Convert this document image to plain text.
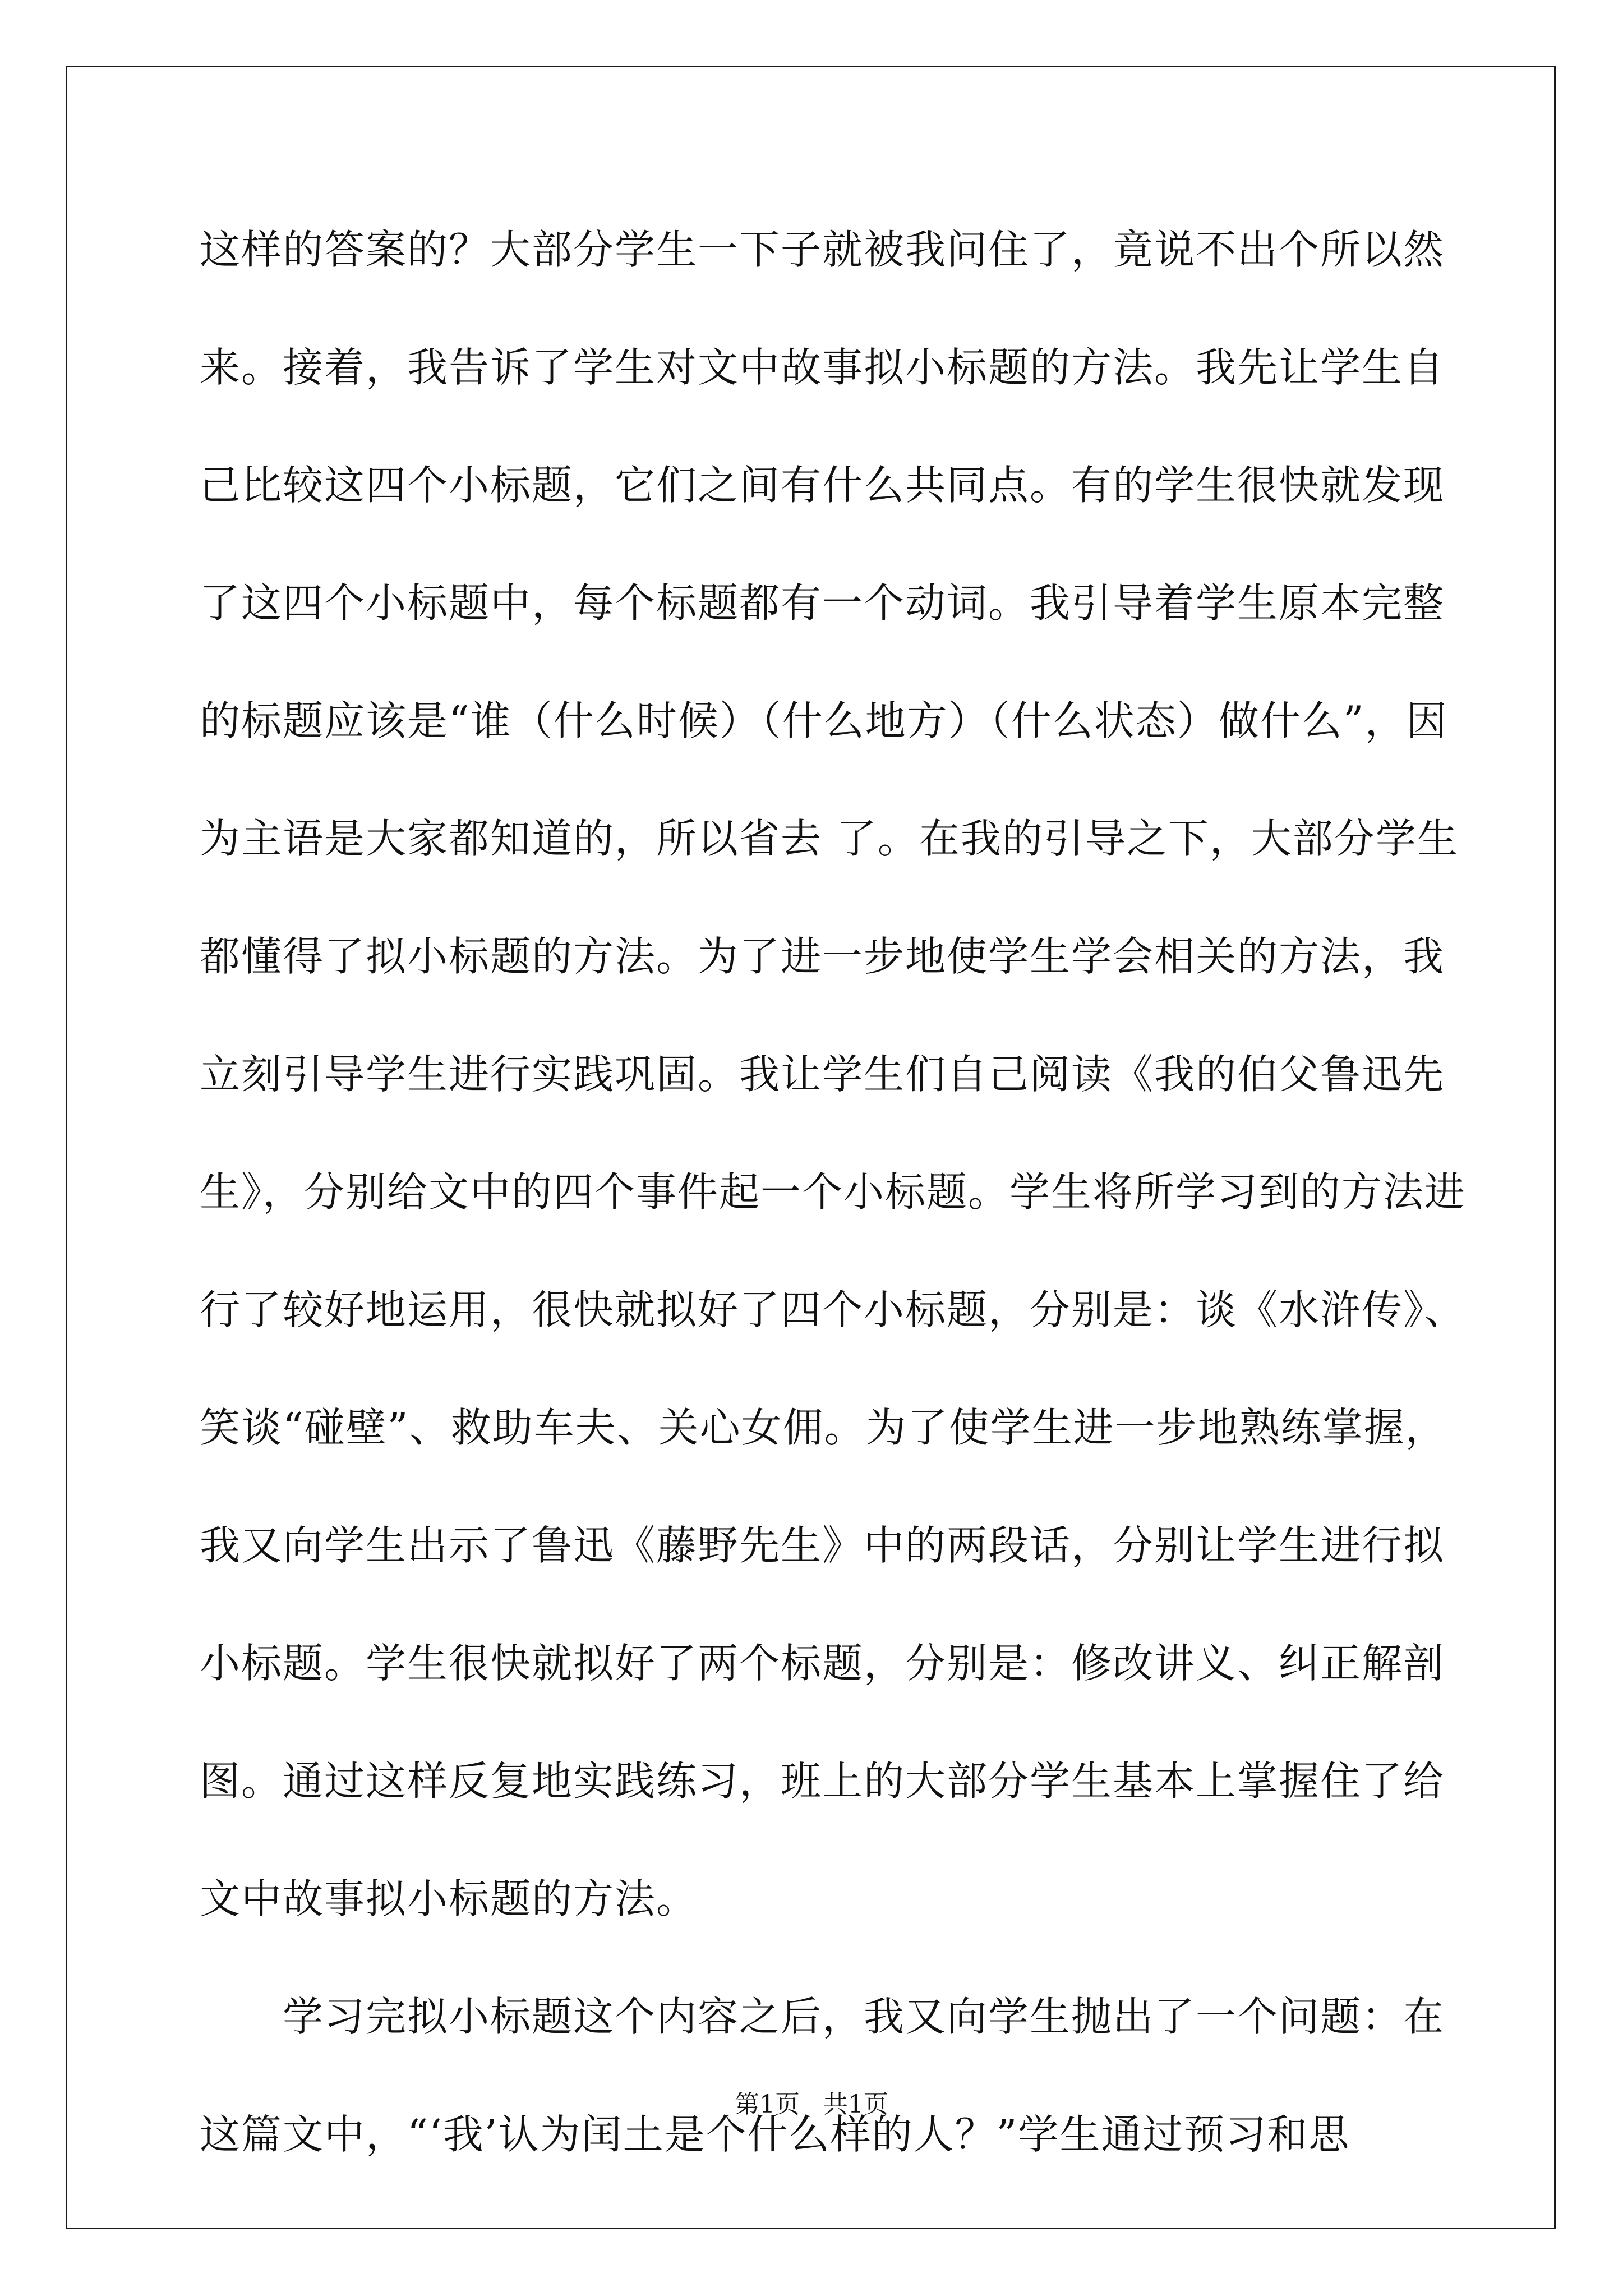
这样的答案的？大部分学生一下子就被我问住了，竟说不出个所以然
来。接着，我告诉了学生对文中故事拟小标题的方法。我先让学生自
己比较这四个小标题，它们之间有什么共同点。有的学生很快就发现
了这四个小标题中，每个标题都有一个动词。我引导着学生原本完整
的标题应该是“谁（什么时候）（什么地方）（什么状态）做什么”，因
为主语是大家都知道的，所以省去 了。在我的引导之下，大部分学生
都懂得了拟小标题的方法。为了进一步地使学生学会相关的方法，我
立刻引导学生进行实践巩固。我让学生们自己阅读《我的伯父鲁迅先
生》，分别给文中的四个事件起一个小标题。学生将所学习到的方法进
行了较好地运用，很快就拟好了四个小标题，分别是：谈《水浒传》、
笑谈“碰壁”、救助车夫、关心女佣。为了使学生进一步地熟练掌握，
我又向学生出示了鲁迅《藤野先生》中的两段话，分别让学生进行拟
小标题。学生很快就拟好了两个标题，分别是：修改讲义、纠正解剖
图。通过这样反复地实践练习，班上的大部分学生基本上掌握住了给
文中故事拟小标题的方法。
学习完拟小标题这个内容之后，我又向学生抛出了一个问题：在
这篇文中，“‘我’认为闰土是个什么样的人？”学生通过预习和思
第1页   共1页
